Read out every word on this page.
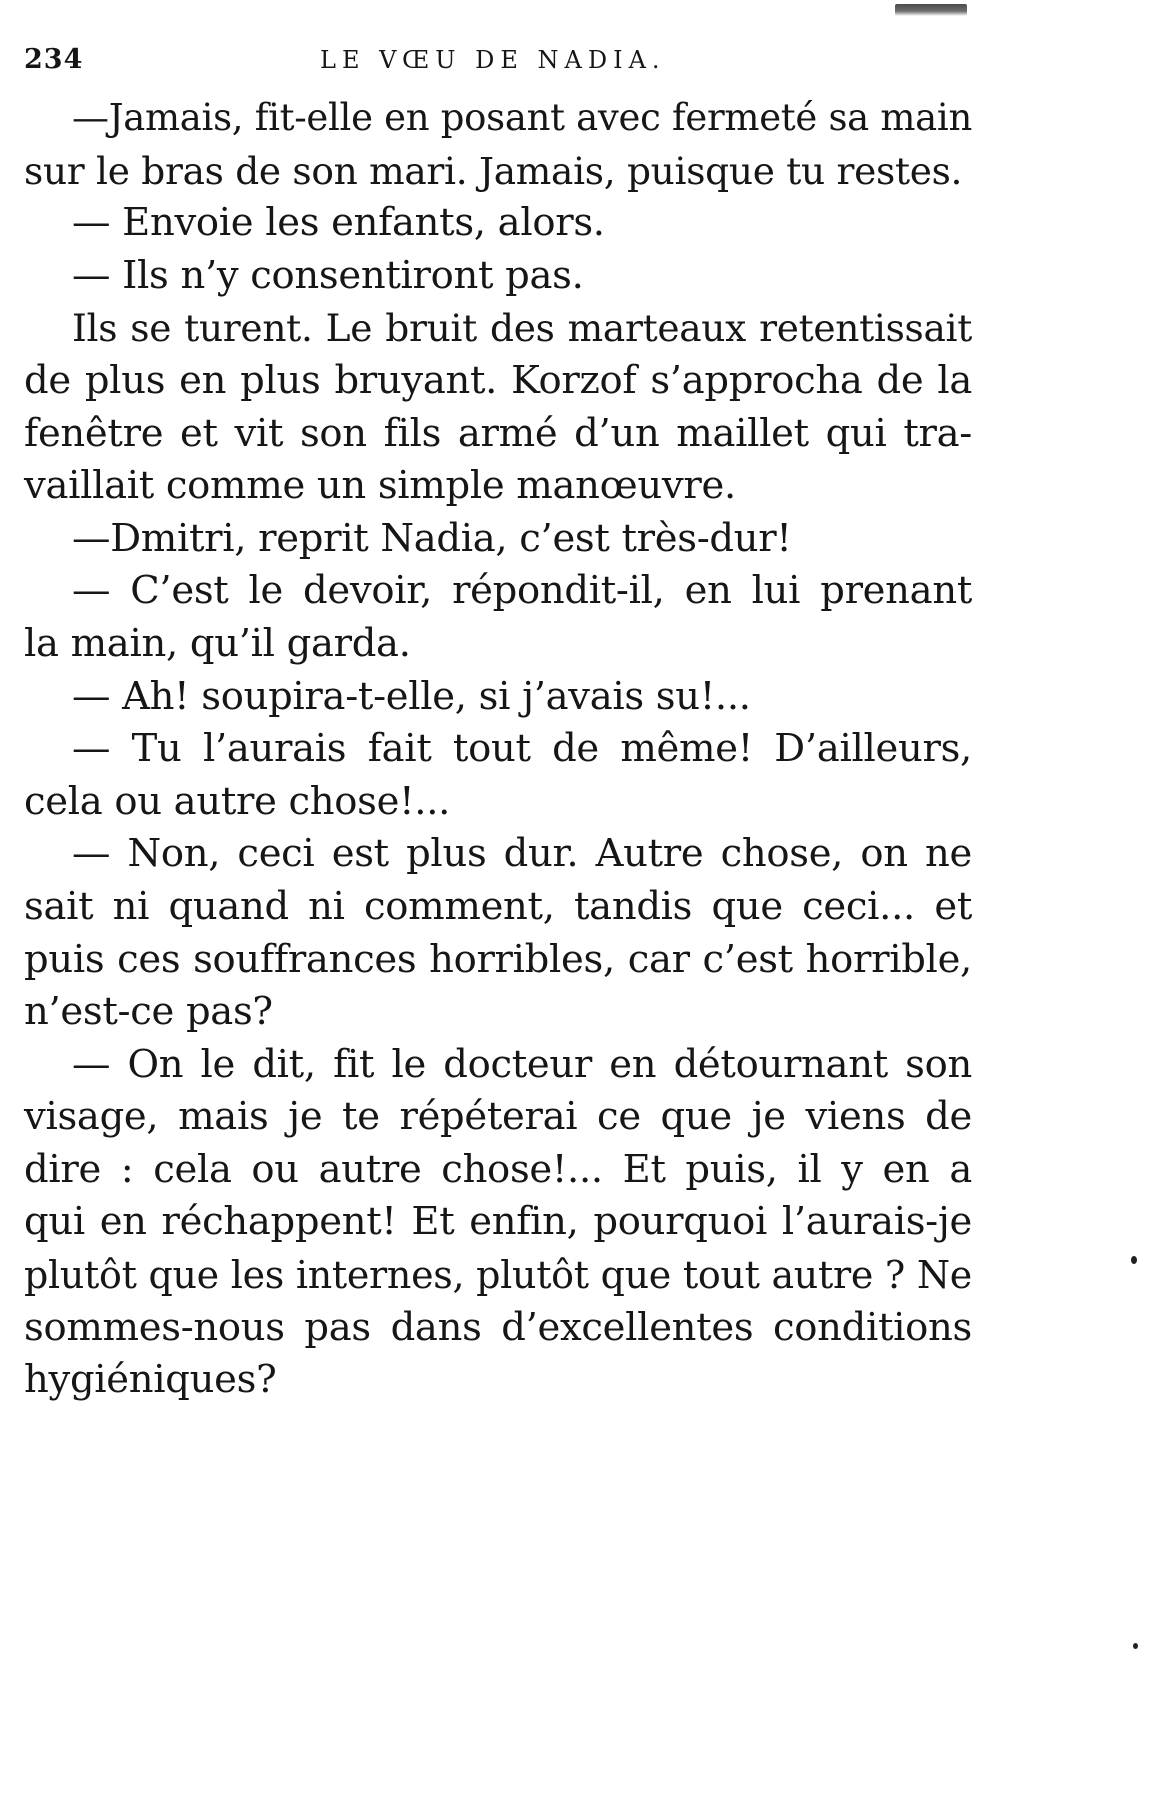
234	LE VŒU DE NADIA.
—Jamais, fit-elle en posant avec fermeté sa main
sur le bras de son mari. Jamais, puisque tu restes.
— Envoie les enfants, alors.
— Ils n’y consentiront pas.
Ils se turent. Le bruit des marteaux retentissait
de plus en plus bruyant. Korzof s’approcha de la
fenêtre et vit son fils armé d’un maillet qui tra-
vaillait comme un simple manœuvre.
—Dmitri, reprit Nadia, c’est très-dur!
— C’est le devoir, répondit-il, en lui prenant
la main, qu’il garda.
— Ah! soupira-t-elle, si j’avais su!...
— Tu l’aurais fait tout de même! D’ailleurs,
cela ou autre chose!...
— Non, ceci est plus dur. Autre chose, on ne
sait ni quand ni comment, tandis que ceci... et
puis ces souffrances horribles, car c’est horrible,
n’est-ce pas?
— On le dit, fit le docteur en détournant son
visage, mais je te répéterai ce que je viens de
dire : cela ou autre chose!... Et puis, il y en a
qui en réchappent! Et enfin, pourquoi l’aurais-je
plutôt que les internes, plutôt que tout autre ? Ne
sommes-nous pas dans d’excellentes conditions
hygiéniques?
